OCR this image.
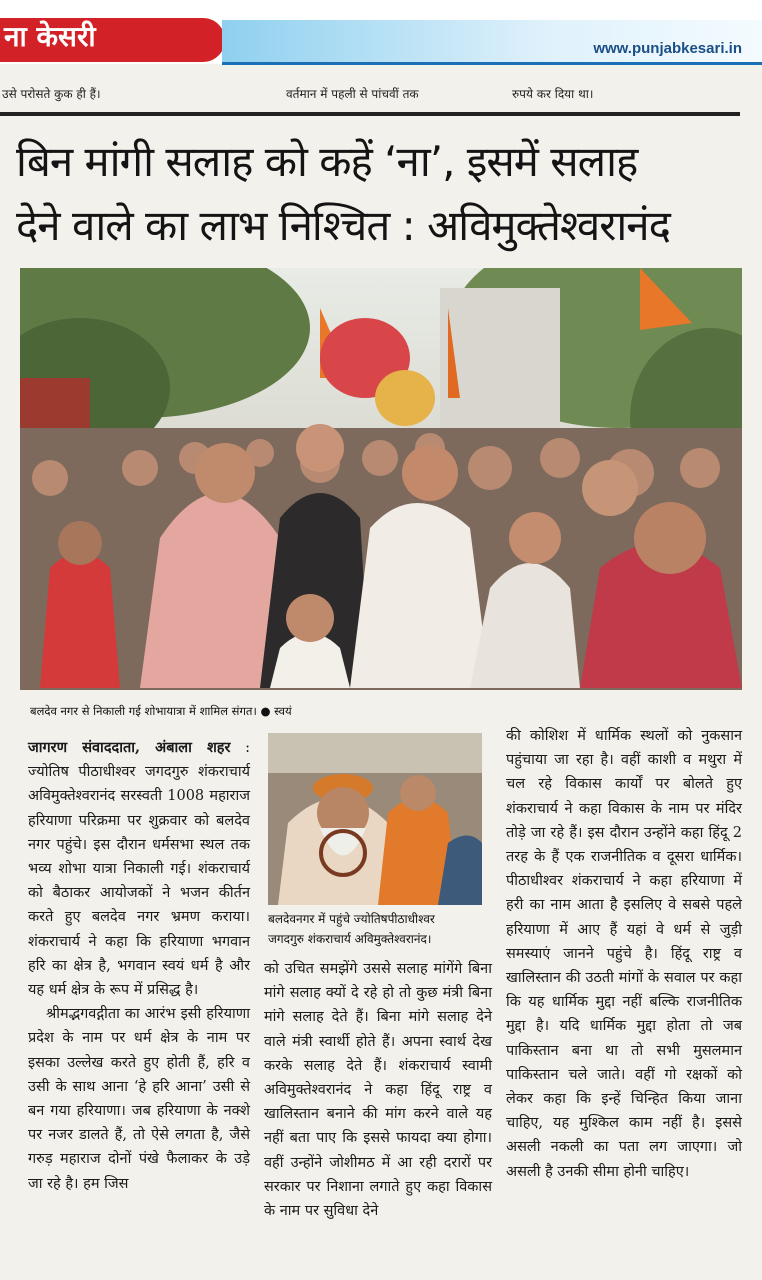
ना केसरी	www.punjabkesari.in
उसे परोसते कुक ही हैं।	वर्तमान में पहली से पांचवीं तक	रुपये कर दिया था।
बिन मांगी सलाह को कहें ‘ना’, इसमें सलाह
देने वाले का लाभ निश्चित : अविमुक्तेश्वरानंद
बलदेव नगर से निकाली गई शोभायात्रा में शामिल संगत। ● स्वयं

जागरण संवाददाता, अंबाला शहर : ज्योतिष पीठाधीश्वर जगदगुरु शंकराचार्य अविमुक्तेश्वरानंद सरस्वती 1008 महाराज हरियाणा परिक्रमा पर शुक्रवार को बलदेव नगर पहुंचे। इस दौरान धर्मसभा स्थल तक भव्य शोभा यात्रा निकाली गई। शंकराचार्य को बैठाकर आयोजकों ने भजन कीर्तन करते हुए बलदेव नगर भ्रमण कराया। शंकराचार्य ने कहा कि हरियाणा भगवान हरि का क्षेत्र है, भगवान स्वयं धर्म है और यह धर्म क्षेत्र के रूप में प्रसिद्ध है।

श्रीमद्भगवद्गीता का आरंभ इसी हरियाणा प्रदेश के नाम पर धर्म क्षेत्र के नाम पर इसका उल्लेख करते हुए होती हैं, हरि व उसी के साथ आना ‘हे हरि आना’ उसी से बन गया हरियाणा। जब हरियाणा के नक्शे पर नजर डालते हैं, तो ऐसे लगता है, जैसे गरुड़ महाराज दोनों पंखे फैलाकर के उड़े जा रहे है। हम जिस

बलदेवनगर में पहुंचे ज्योतिषपीठाधीश्वर
जगदगुरु शंकराचार्य अविमुक्तेश्वरानंद।

को उचित समझेंगे उससे सलाह मांगेंगे बिना मांगे सलाह क्यों दे रहे हो तो कुछ मंत्री बिना मांगे सलाह देते हैं। बिना मांगे सलाह देने वाले मंत्री स्वार्थी होते हैं। अपना स्वार्थ देख करके सलाह देते हैं। शंकराचार्य स्वामी अविमुक्तेश्वरानंद ने कहा हिंदू राष्ट्र व खालिस्तान बनाने की मांग करने वाले यह नहीं बता पाए कि इससे फायदा क्या होगा। वहीं उन्होंने जोशीमठ में आ रही दरारों पर सरकार पर निशाना लगाते हुए कहा विकास के नाम पर सुविधा देने

की कोशिश में धार्मिक स्थलों को नुकसान पहुंचाया जा रहा है। वहीं काशी व मथुरा में चल रहे विकास कार्यों पर बोलते हुए शंकराचार्य ने कहा विकास के नाम पर मंदिर तोड़े जा रहे हैं। इस दौरान उन्होंने कहा हिंदू 2 तरह के हैं एक राजनीतिक व दूसरा धार्मिक। पीठाधीश्वर शंकराचार्य ने कहा हरियाणा में हरी का नाम आता है इसलिए वे सबसे पहले हरियाणा में आए हैं यहां वे धर्म से जुड़ी समस्याएं जानने पहुंचे है। हिंदू राष्ट्र व खालिस्तान की उठती मांगों के सवाल पर कहा कि यह धार्मिक मुद्दा नहीं बल्कि राजनीतिक मुद्दा है। यदि धार्मिक मुद्दा होता तो जब पाकिस्तान बना था तो सभी मुसलमान पाकिस्तान चले जाते। वहीं गो रक्षकों को लेकर कहा कि इन्हें चिन्हित किया जाना चाहिए, यह मुश्किल काम नहीं है। इससे असली नकली का पता लग जाएगा। जो असली है उनकी सीमा होनी चाहिए।
